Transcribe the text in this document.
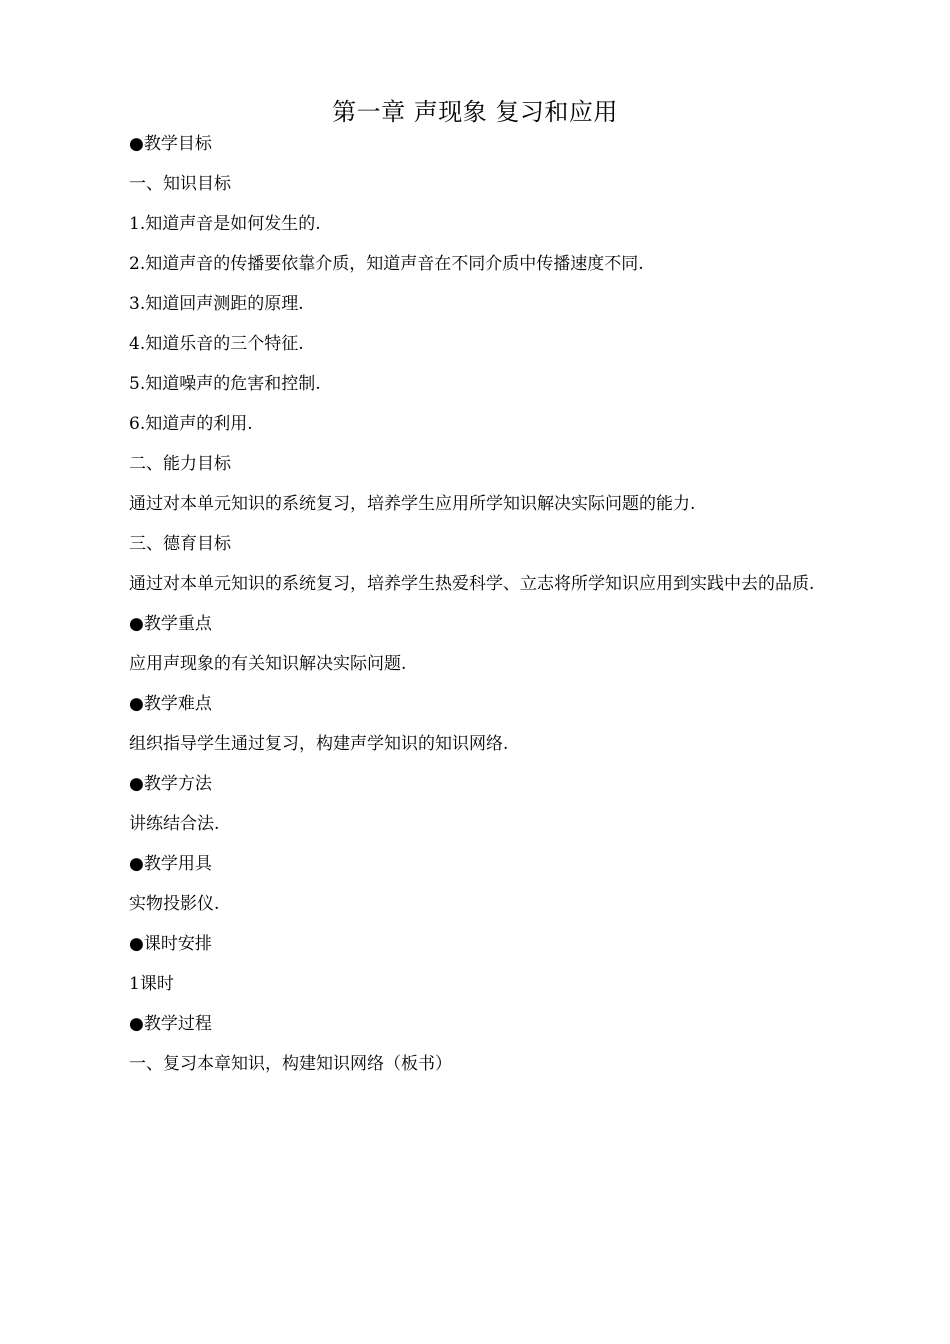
第一章 声现象 复习和应用
●教学目标
一、知识目标
1.知道声音是如何发生的.
2.知道声音的传播要依靠介质，知道声音在不同介质中传播速度不同.
3.知道回声测距的原理.
4.知道乐音的三个特征.
5.知道噪声的危害和控制.
6.知道声的利用.
二、能力目标
通过对本单元知识的系统复习，培养学生应用所学知识解决实际问题的能力.
三、德育目标
通过对本单元知识的系统复习，培养学生热爱科学、立志将所学知识应用到实践中去的品质.
●教学重点
应用声现象的有关知识解决实际问题.
●教学难点
组织指导学生通过复习，构建声学知识的知识网络.
●教学方法
讲练结合法.
●教学用具
实物投影仪.
●课时安排
1课时
●教学过程
一、复习本章知识，构建知识网络（板书）
